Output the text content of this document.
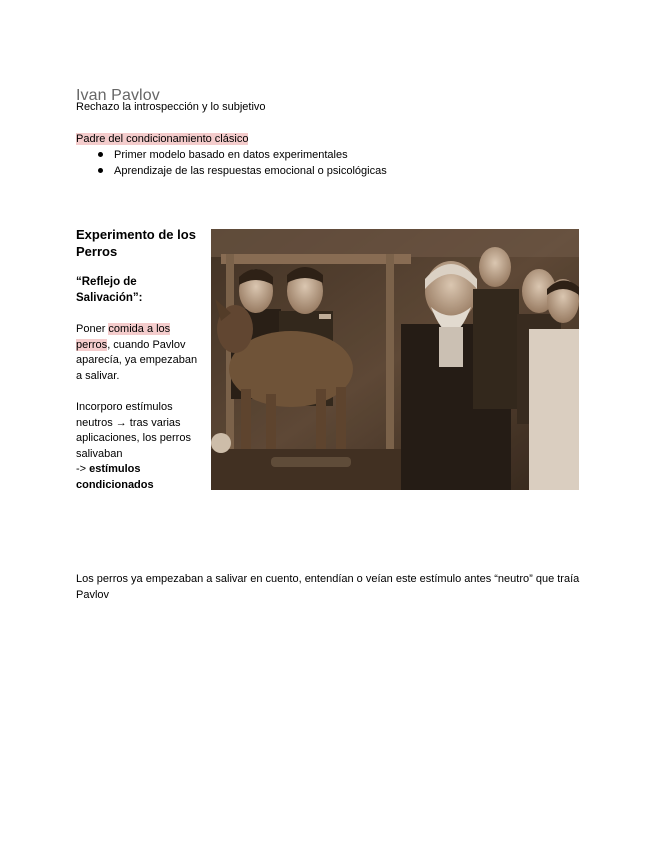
Ivan Pavlov
Rechazo la introspección y lo subjetivo
Padre del condicionamiento clásico
Primer modelo basado en datos experimentales
Aprendizaje de las respuestas emocional o psicológicas
Experimento de los Perros
“Reflejo de Salivación”:
Poner comida a los perros, cuando Pavlov aparecía, ya empezaban a salivar.
Incorporo estímulos neutros → tras varias aplicaciones, los perros salivaban
-> estímulos condicionados
Los perros ya empezaban a salivar en cuento, entendían o veían este estímulo antes “neutro” que traía Pavlov
